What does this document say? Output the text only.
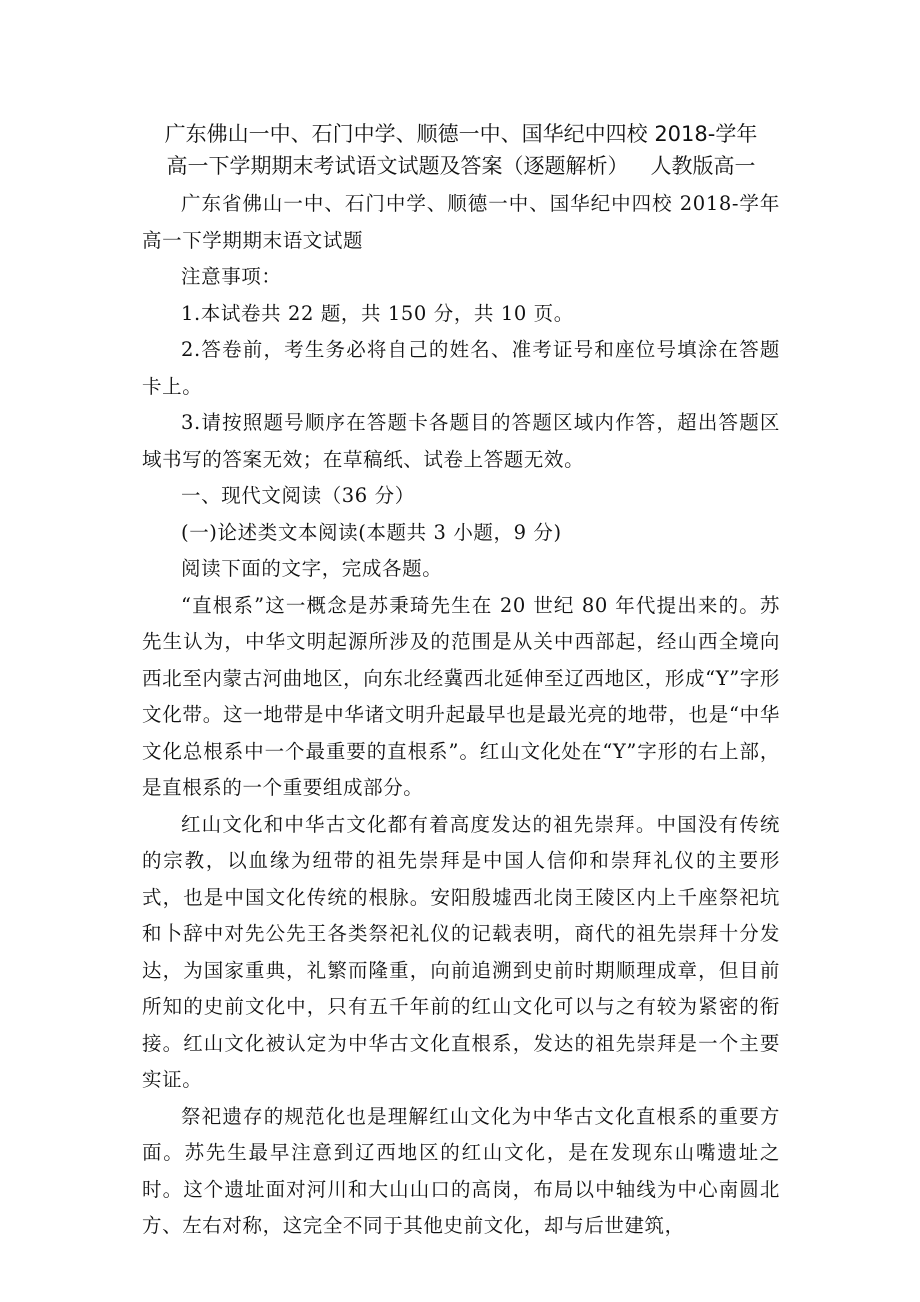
广东佛山一中、石门中学、顺德一中、国华纪中四校 2018-学年
高一下学期期末考试语文试题及答案（逐题解析） 人教版高一

广东省佛山一中、石门中学、顺德一中、国华纪中四校 2018-学年高一下学期期末语文试题

注意事项：

1.本试卷共 22 题，共 150 分，共 10 页。

2.答卷前，考生务必将自己的姓名、准考证号和座位号填涂在答题卡上。

3.请按照题号顺序在答题卡各题目的答题区域内作答，超出答题区域书写的答案无效；在草稿纸、试卷上答题无效。

一、现代文阅读（36 分）

(一)论述类文本阅读(本题共 3 小题，9 分)

阅读下面的文字，完成各题。

“直根系”这一概念是苏秉琦先生在 20 世纪 80 年代提出来的。苏先生认为，中华文明起源所涉及的范围是从关中西部起，经山西全境向西北至内蒙古河曲地区，向东北经冀西北延伸至辽西地区，形成“Y”字形文化带。这一地带是中华诸文明升起最早也是最光亮的地带，也是“中华文化总根系中一个最重要的直根系”。红山文化处在“Y”字形的右上部，是直根系的一个重要组成部分。

红山文化和中华古文化都有着高度发达的祖先崇拜。中国没有传统的宗教，以血缘为纽带的祖先崇拜是中国人信仰和崇拜礼仪的主要形式，也是中国文化传统的根脉。安阳殷墟西北岗王陵区内上千座祭祀坑和卜辞中对先公先王各类祭祀礼仪的记载表明，商代的祖先崇拜十分发达，为国家重典，礼繁而隆重，向前追溯到史前时期顺理成章，但目前所知的史前文化中，只有五千年前的红山文化可以与之有较为紧密的衔接。红山文化被认定为中华古文化直根系，发达的祖先崇拜是一个主要实证。

祭祀遗存的规范化也是理解红山文化为中华古文化直根系的重要方面。苏先生最早注意到辽西地区的红山文化，是在发现东山嘴遗址之时。这个遗址面对河川和大山山口的高岗，布局以中轴线为中心南圆北方、左右对称，这完全不同于其他史前文化，却与后世建筑，
